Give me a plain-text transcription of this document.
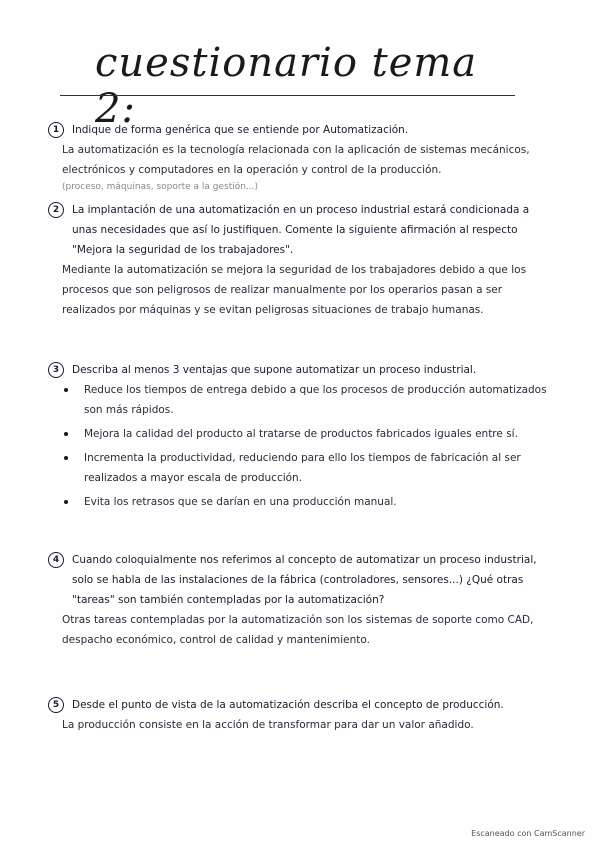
cuestionario tema 2:
1	Indique de forma genérica que se entiende por Automatización.
La automatización es la tecnología relacionada con la aplicación de sistemas mecánicos, electrónicos y computadores en la operación y control de la producción.
(proceso, máquinas, soporte a la gestión...)
2	La implantación de una automatización en un proceso industrial estará condicionada a unas necesidades que así lo justifiquen. Comente la siguiente afirmación al respecto "Mejora la seguridad de los trabajadores".
Mediante la automatización se mejora la seguridad de los trabajadores debido a que los procesos que son peligrosos de realizar manualmente por los operarios pasan a ser realizados por máquinas y se evitan peligrosas situaciones de trabajo humanas.
3	Describa al menos 3 ventajas que supone automatizar un proceso industrial.
Reduce los tiempos de entrega debido a que los procesos de producción automatizados son más rápidos.
Mejora la calidad del producto al tratarse de productos fabricados iguales entre sí.
Incrementa la productividad, reduciendo para ello los tiempos de fabricación al ser realizados a mayor escala de producción.
Evita los retrasos que se darían en una producción manual.
4	Cuando coloquialmente nos referimos al concepto de automatizar un proceso industrial, solo se habla de las instalaciones de la fábrica (controladores, sensores...) ¿Qué otras "tareas" son también contempladas por la automatización?
Otras tareas contempladas por la automatización son los sistemas de soporte como CAD, despacho económico, control de calidad y mantenimiento.
5	Desde el punto de vista de la automatización describa el concepto de producción.
La producción consiste en la acción de transformar para dar un valor añadido.
Escaneado con CamScanner
